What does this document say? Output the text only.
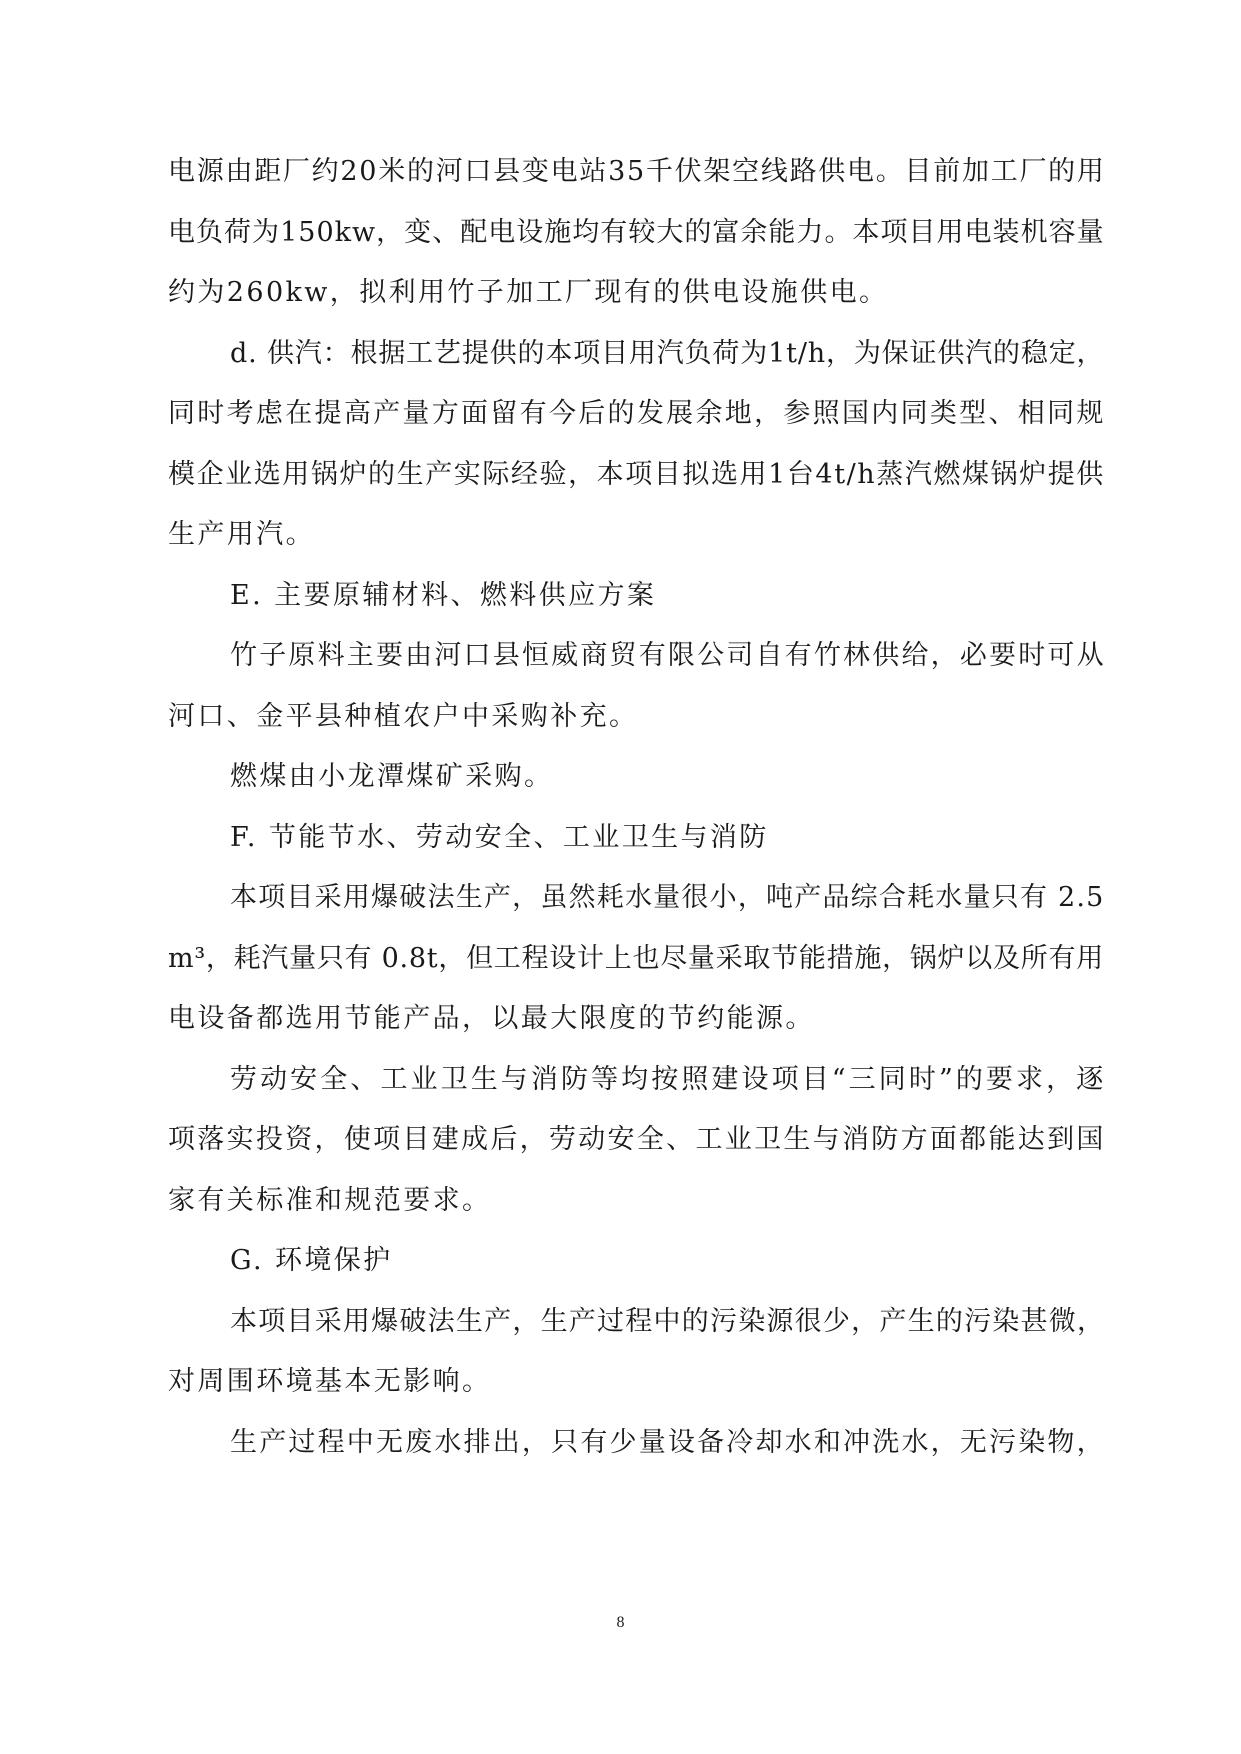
电源由距厂约20米的河口县变电站35千伏架空线路供电。目前加工厂的用
电负荷为150kw，变、配电设施均有较大的富余能力。本项目用电装机容量
约为260kw，拟利用竹子加工厂现有的供电设施供电。
d. 供汽：根据工艺提供的本项目用汽负荷为1t/h，为保证供汽的稳定，
同时考虑在提高产量方面留有今后的发展余地，参照国内同类型、相同规
模企业选用锅炉的生产实际经验，本项目拟选用1台4t/h蒸汽燃煤锅炉提供
生产用汽。
E. 主要原辅材料、燃料供应方案
竹子原料主要由河口县恒威商贸有限公司自有竹林供给，必要时可从
河口、金平县种植农户中采购补充。
燃煤由小龙潭煤矿采购。
F. 节能节水、劳动安全、工业卫生与消防
本项目采用爆破法生产，虽然耗水量很小，吨产品综合耗水量只有 2.5
m³，耗汽量只有 0.8t，但工程设计上也尽量采取节能措施，锅炉以及所有用
电设备都选用节能产品，以最大限度的节约能源。
劳动安全、工业卫生与消防等均按照建设项目“三同时”的要求，逐
项落实投资，使项目建成后，劳动安全、工业卫生与消防方面都能达到国
家有关标准和规范要求。
G. 环境保护
本项目采用爆破法生产，生产过程中的污染源很少，产生的污染甚微，
对周围环境基本无影响。
生产过程中无废水排出，只有少量设备冷却水和冲洗水，无污染物，
8
